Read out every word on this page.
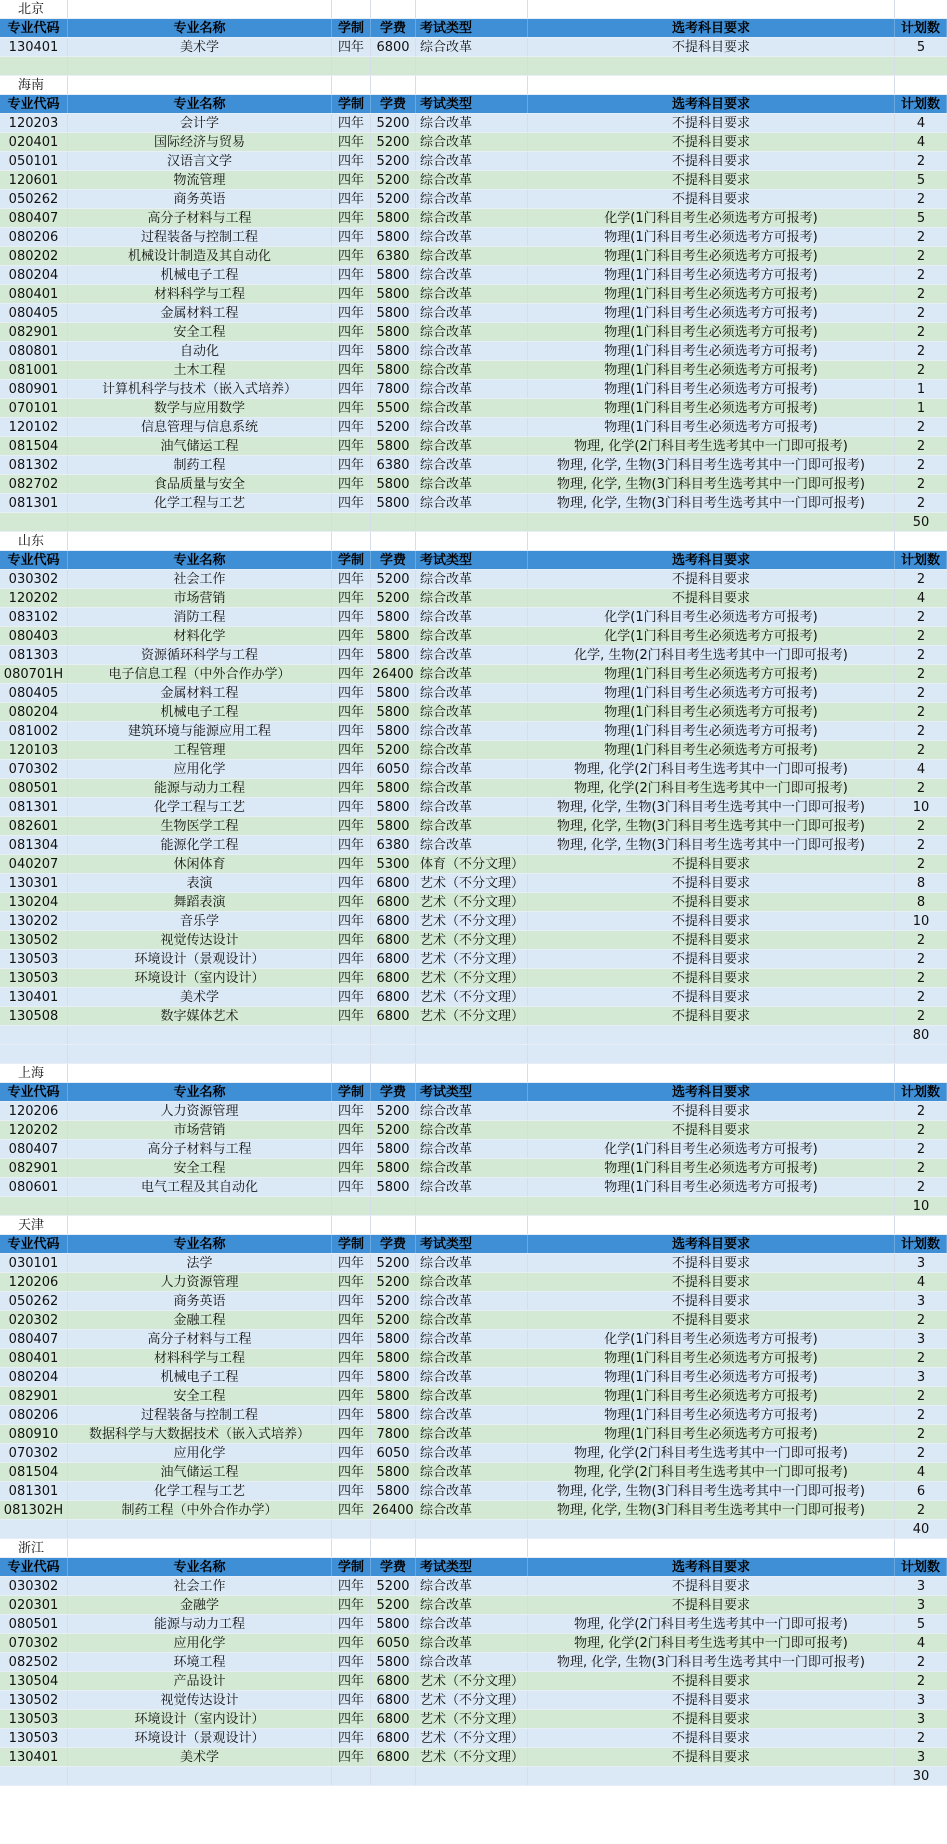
北京
专业代码	专业名称	学制	学费	考试类型	选考科目要求	计划数
130401	美术学	四年 6800 综合改革	不提科目要求	5
海南
专业代码	专业名称	学制	学费	考试类型	选考科目要求	计划数
120203	会计学	四年 5200 综合改革	不提科目要求	4
020401	国际经济与贸易	四年 5200 综合改革	不提科目要求	4
050101	汉语言文学	四年 5200 综合改革	不提科目要求	2
120601	物流管理	四年 5200 综合改革	不提科目要求	5
050262	商务英语	四年 5200 综合改革	不提科目要求	2
080407	高分子材料与工程	四年 5800 综合改革	化学(1门科目考生必须选考方可报考)	5
080206	过程装备与控制工程	四年 5800 综合改革	物理(1门科目考生必须选考方可报考)	2
080202	机械设计制造及其自动化	四年 6380 综合改革	物理(1门科目考生必须选考方可报考)	2
080204	机械电子工程	四年 5800 综合改革	物理(1门科目考生必须选考方可报考)	2
080401	材料科学与工程	四年 5800 综合改革	物理(1门科目考生必须选考方可报考)	2
080405	金属材料工程	四年 5800 综合改革	物理(1门科目考生必须选考方可报考)	2
082901	安全工程	四年 5800 综合改革	物理(1门科目考生必须选考方可报考)	2
080801	自动化	四年 5800 综合改革	物理(1门科目考生必须选考方可报考)	2
081001	土木工程	四年 5800 综合改革	物理(1门科目考生必须选考方可报考)	2
080901	计算机科学与技术（嵌入式培养）	四年 7800 综合改革	物理(1门科目考生必须选考方可报考)	1
070101	数学与应用数学	四年 5500 综合改革	物理(1门科目考生必须选考方可报考)	1
120102	信息管理与信息系统	四年 5200 综合改革	物理(1门科目考生必须选考方可报考)	2
081504	油气储运工程	四年 5800 综合改革	物理, 化学(2门科目考生选考其中一门即可报考)	2
081302	制药工程	四年 6380 综合改革	物理, 化学, 生物(3门科目考生选考其中一门即可报考)	2
082702	食品质量与安全	四年 5800 综合改革	物理, 化学, 生物(3门科目考生选考其中一门即可报考)	2
081301	化学工程与工艺	四年 5800 综合改革	物理, 化学, 生物(3门科目考生选考其中一门即可报考)	2
50
山东
专业代码	专业名称	学制	学费	考试类型	选考科目要求	计划数
030302	社会工作	四年 5200 综合改革	不提科目要求	2
120202	市场营销	四年 5200 综合改革	不提科目要求	4
083102	消防工程	四年 5800 综合改革	化学(1门科目考生必须选考方可报考)	2
080403	材料化学	四年 5800 综合改革	化学(1门科目考生必须选考方可报考)	2
081303	资源循环科学与工程	四年 5800 综合改革	化学, 生物(2门科目考生选考其中一门即可报考)	2
080701H	电子信息工程（中外合作办学）	四年 26400 综合改革	物理(1门科目考生必须选考方可报考)	2
080405	金属材料工程	四年 5800 综合改革	物理(1门科目考生必须选考方可报考)	2
080204	机械电子工程	四年 5800 综合改革	物理(1门科目考生必须选考方可报考)	2
081002	建筑环境与能源应用工程	四年 5800 综合改革	物理(1门科目考生必须选考方可报考)	2
120103	工程管理	四年 5200 综合改革	物理(1门科目考生必须选考方可报考)	2
070302	应用化学	四年 6050 综合改革	物理, 化学(2门科目考生选考其中一门即可报考)	4
080501	能源与动力工程	四年 5800 综合改革	物理, 化学(2门科目考生选考其中一门即可报考)	2
081301	化学工程与工艺	四年 5800 综合改革	物理, 化学, 生物(3门科目考生选考其中一门即可报考)	10
082601	生物医学工程	四年 5800 综合改革	物理, 化学, 生物(3门科目考生选考其中一门即可报考)	2
081304	能源化学工程	四年 6380 综合改革	物理, 化学, 生物(3门科目考生选考其中一门即可报考)	2
040207	休闲体育	四年 5300 体育（不分文理）	不提科目要求	2
130301	表演	四年 6800 艺术（不分文理）	不提科目要求	8
130204	舞蹈表演	四年 6800 艺术（不分文理）	不提科目要求	8
130202	音乐学	四年 6800 艺术（不分文理）	不提科目要求	10
130502	视觉传达设计	四年 6800 艺术（不分文理）	不提科目要求	2
130503	环境设计（景观设计）	四年 6800 艺术（不分文理）	不提科目要求	2
130503	环境设计（室内设计）	四年 6800 艺术（不分文理）	不提科目要求	2
130401	美术学	四年 6800 艺术（不分文理）	不提科目要求	2
130508	数字媒体艺术	四年 6800 艺术（不分文理）	不提科目要求	2
80
上海
专业代码	专业名称	学制	学费	考试类型	选考科目要求	计划数
120206	人力资源管理	四年 5200 综合改革	不提科目要求	2
120202	市场营销	四年 5200 综合改革	不提科目要求	2
080407	高分子材料与工程	四年 5800 综合改革	化学(1门科目考生必须选考方可报考)	2
082901	安全工程	四年 5800 综合改革	物理(1门科目考生必须选考方可报考)	2
080601	电气工程及其自动化	四年 5800 综合改革	物理(1门科目考生必须选考方可报考)	2
10
天津
专业代码	专业名称	学制	学费	考试类型	选考科目要求	计划数
030101	法学	四年 5200 综合改革	不提科目要求	3
120206	人力资源管理	四年 5200 综合改革	不提科目要求	4
050262	商务英语	四年 5200 综合改革	不提科目要求	3
020302	金融工程	四年 5200 综合改革	不提科目要求	2
080407	高分子材料与工程	四年 5800 综合改革	化学(1门科目考生必须选考方可报考)	3
080401	材料科学与工程	四年 5800 综合改革	物理(1门科目考生必须选考方可报考)	2
080204	机械电子工程	四年 5800 综合改革	物理(1门科目考生必须选考方可报考)	3
082901	安全工程	四年 5800 综合改革	物理(1门科目考生必须选考方可报考)	2
080206	过程装备与控制工程	四年 5800 综合改革	物理(1门科目考生必须选考方可报考)	2
080910	数据科学与大数据技术（嵌入式培养）	四年 7800 综合改革	物理(1门科目考生必须选考方可报考)	2
070302	应用化学	四年 6050 综合改革	物理, 化学(2门科目考生选考其中一门即可报考)	2
081504	油气储运工程	四年 5800 综合改革	物理, 化学(2门科目考生选考其中一门即可报考)	4
081301	化学工程与工艺	四年 5800 综合改革	物理, 化学, 生物(3门科目考生选考其中一门即可报考)	6
081302H	制药工程（中外合作办学）	四年 26400 综合改革	物理, 化学, 生物(3门科目考生选考其中一门即可报考)	2
40
浙江
专业代码	专业名称	学制	学费	考试类型	选考科目要求	计划数
030302	社会工作	四年 5200 综合改革	不提科目要求	3
020301	金融学	四年 5200 综合改革	不提科目要求	3
080501	能源与动力工程	四年 5800 综合改革	物理, 化学(2门科目考生选考其中一门即可报考)	5
070302	应用化学	四年 6050 综合改革	物理, 化学(2门科目考生选考其中一门即可报考)	4
082502	环境工程	四年 5800 综合改革	物理, 化学, 生物(3门科目考生选考其中一门即可报考)	2
130504	产品设计	四年 6800 艺术（不分文理）	不提科目要求	2
130502	视觉传达设计	四年 6800 艺术（不分文理）	不提科目要求	3
130503	环境设计（室内设计）	四年 6800 艺术（不分文理）	不提科目要求	3
130503	环境设计（景观设计）	四年 6800 艺术（不分文理）	不提科目要求	2
130401	美术学	四年 6800 艺术（不分文理）	不提科目要求	3
30
